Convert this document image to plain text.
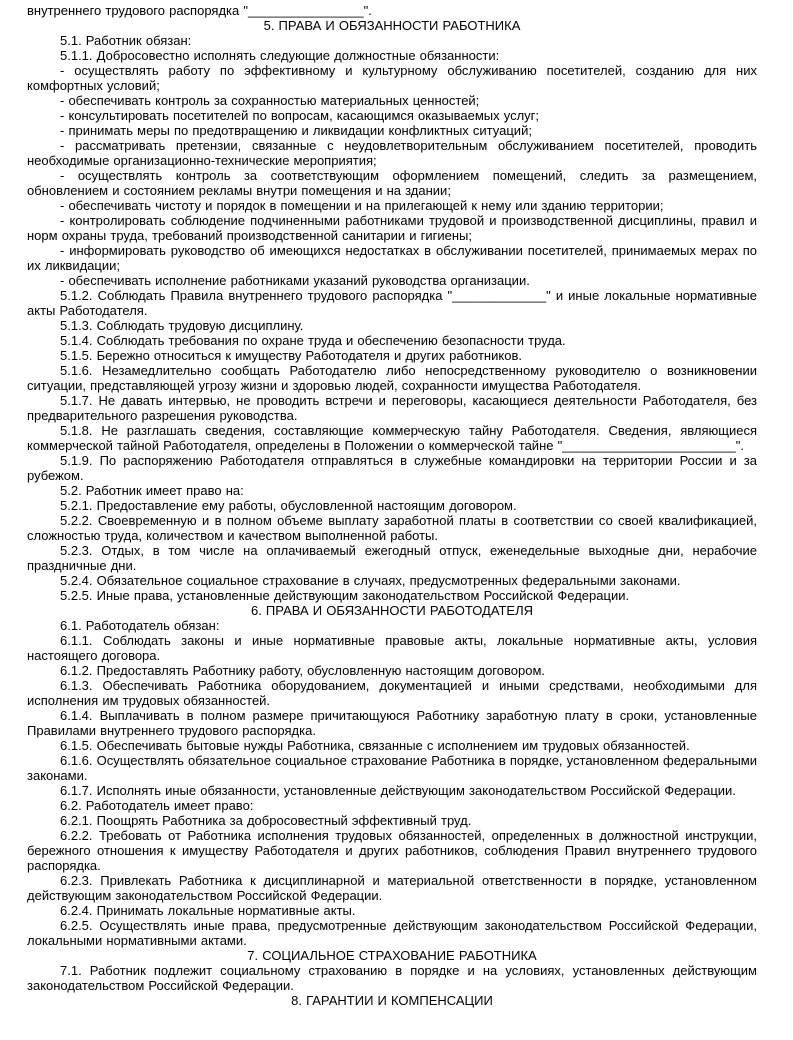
внутреннего трудового распорядка "________________".

5. ПРАВА И ОБЯЗАННОСТИ РАБОТНИКА

5.1. Работник обязан:

5.1.1. Добросовестно исполнять следующие должностные обязанности:

- осуществлять работу по эффективному и культурному обслуживанию посетителей, созданию для них комфортных условий;

- обеспечивать контроль за сохранностью материальных ценностей;

- консультировать посетителей по вопросам, касающимся оказываемых услуг;

- принимать меры по предотвращению и ликвидации конфликтных ситуаций;

- рассматривать претензии, связанные с неудовлетворительным обслуживанием посетителей, проводить необходимые организационно-технические мероприятия;

- осуществлять контроль за соответствующим оформлением помещений, следить за размещением, обновлением и состоянием рекламы внутри помещения и на здании;

- обеспечивать чистоту и порядок в помещении и на прилегающей к нему или зданию территории;

- контролировать соблюдение подчиненными работниками трудовой и производственной дисциплины, правил и норм охраны труда, требований производственной санитарии и гигиены;

- информировать руководство об имеющихся недостатках в обслуживании посетителей, принимаемых мерах по их ликвидации;

- обеспечивать исполнение работниками указаний руководства организации.

5.1.2. Соблюдать Правила внутреннего трудового распорядка "_____________" и иные локальные нормативные акты Работодателя.

5.1.3. Соблюдать трудовую дисциплину.

5.1.4. Соблюдать требования по охране труда и обеспечению безопасности труда.

5.1.5. Бережно относиться к имуществу Работодателя и других работников.

5.1.6. Незамедлительно сообщать Работодателю либо непосредственному руководителю о возникновении ситуации, представляющей угрозу жизни и здоровью людей, сохранности имущества Работодателя.

5.1.7. Не давать интервью, не проводить встречи и переговоры, касающиеся деятельности Работодателя, без предварительного разрешения руководства.

5.1.8. Не разглашать сведения, составляющие коммерческую тайну Работодателя. Сведения, являющиеся коммерческой тайной Работодателя, определены в Положении о коммерческой тайне "________________________".

5.1.9. По распоряжению Работодателя отправляться в служебные командировки на территории России и за рубежом.

5.2. Работник имеет право на:

5.2.1. Предоставление ему работы, обусловленной настоящим договором.

5.2.2. Своевременную и в полном объеме выплату заработной платы в соответствии со своей квалификацией, сложностью труда, количеством и качеством выполненной работы.

5.2.3. Отдых, в том числе на оплачиваемый ежегодный отпуск, еженедельные выходные дни, нерабочие праздничные дни.

5.2.4. Обязательное социальное страхование в случаях, предусмотренных федеральными законами.

5.2.5. Иные права, установленные действующим законодательством Российской Федерации.

6. ПРАВА И ОБЯЗАННОСТИ РАБОТОДАТЕЛЯ

6.1. Работодатель обязан:

6.1.1. Соблюдать законы и иные нормативные правовые акты, локальные нормативные акты, условия настоящего договора.

6.1.2. Предоставлять Работнику работу, обусловленную настоящим договором.

6.1.3. Обеспечивать Работника оборудованием, документацией и иными средствами, необходимыми для исполнения им трудовых обязанностей.

6.1.4. Выплачивать в полном размере причитающуюся Работнику заработную плату в сроки, установленные Правилами внутреннего трудового распорядка.

6.1.5. Обеспечивать бытовые нужды Работника, связанные с исполнением им трудовых обязанностей.

6.1.6. Осуществлять обязательное социальное страхование Работника в порядке, установленном федеральными законами.

6.1.7. Исполнять иные обязанности, установленные действующим законодательством Российской Федерации.

6.2. Работодатель имеет право:

6.2.1. Поощрять Работника за добросовестный эффективный труд.

6.2.2. Требовать от Работника исполнения трудовых обязанностей, определенных в должностной инструкции, бережного отношения к имуществу Работодателя и других работников, соблюдения Правил внутреннего трудового распорядка.

6.2.3. Привлекать Работника к дисциплинарной и материальной ответственности в порядке, установленном действующим законодательством Российской Федерации.

6.2.4. Принимать локальные нормативные акты.

6.2.5. Осуществлять иные права, предусмотренные действующим законодательством Российской Федерации, локальными нормативными актами.

7. СОЦИАЛЬНОЕ СТРАХОВАНИЕ РАБОТНИКА

7.1. Работник подлежит социальному страхованию в порядке и на условиях, установленных действующим законодательством Российской Федерации.

8. ГАРАНТИИ И КОМПЕНСАЦИИ
